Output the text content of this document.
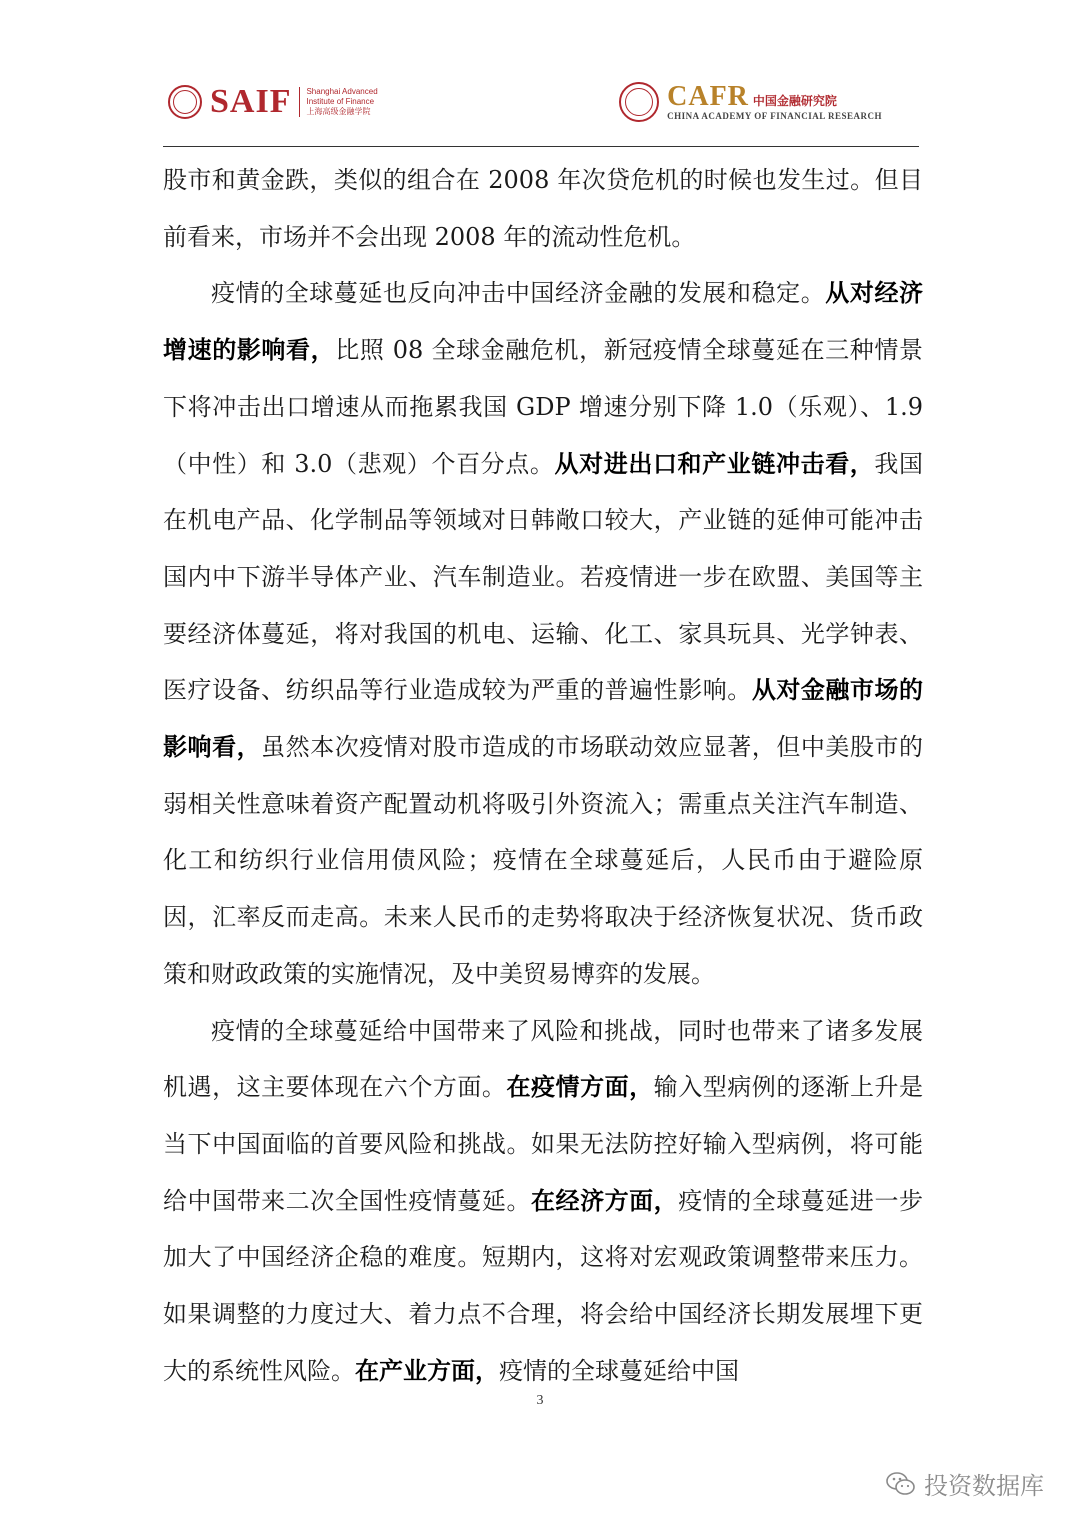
SAIF Shanghai Advanced
Institute of Finance
上海高级金融学院	CAFR 中国金融研究院
CHINA ACADEMY OF FINANCIAL RESEARCH

股市和黄金跌，类似的组合在 2008 年次贷危机的时候也发生过。但目前看来，市场并不会出现 2008 年的流动性危机。

疫情的全球蔓延也反向冲击中国经济金融的发展和稳定。从对经济增速的影响看，比照 08 全球金融危机，新冠疫情全球蔓延在三种情景下将冲击出口增速从而拖累我国 GDP 增速分别下降 1.0（乐观）、1.9（中性）和 3.0（悲观）个百分点。从对进出口和产业链冲击看，我国在机电产品、化学制品等领域对日韩敞口较大，产业链的延伸可能冲击国内中下游半导体产业、汽车制造业。若疫情进一步在欧盟、美国等主要经济体蔓延，将对我国的机电、运输、化工、家具玩具、光学钟表、医疗设备、纺织品等行业造成较为严重的普遍性影响。从对金融市场的影响看，虽然本次疫情对股市造成的市场联动效应显著，但中美股市的弱相关性意味着资产配置动机将吸引外资流入；需重点关注汽车制造、化工和纺织行业信用债风险；疫情在全球蔓延后，人民币由于避险原因，汇率反而走高。未来人民币的走势将取决于经济恢复状况、货币政策和财政政策的实施情况，及中美贸易博弈的发展。

疫情的全球蔓延给中国带来了风险和挑战，同时也带来了诸多发展机遇，这主要体现在六个方面。在疫情方面，输入型病例的逐渐上升是当下中国面临的首要风险和挑战。如果无法防控好输入型病例，将可能给中国带来二次全国性疫情蔓延。在经济方面，疫情的全球蔓延进一步加大了中国经济企稳的难度。短期内，这将对宏观政策调整带来压力。如果调整的力度过大、着力点不合理，将会给中国经济长期发展埋下更大的系统性风险。在产业方面，疫情的全球蔓延给中国

3
投资数据库
